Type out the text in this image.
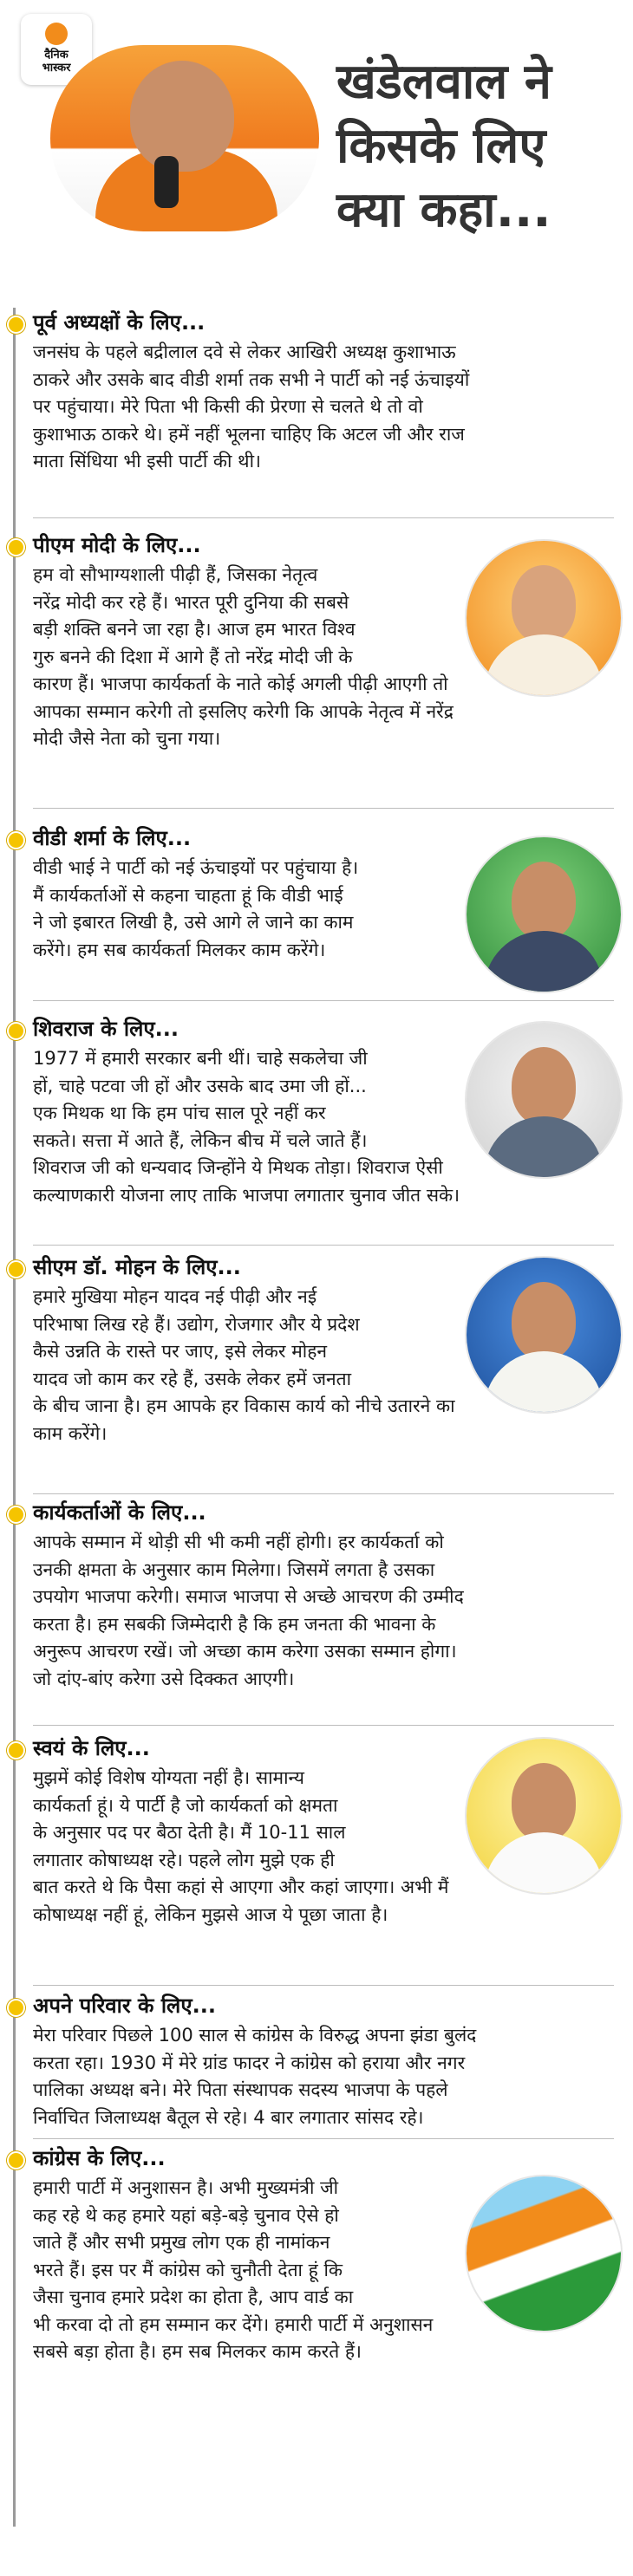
दैनिक
भास्कर	खंडेलवाल ने
किसके लिए
क्या कहा...
पूर्व अध्यक्षों के लिए...
जनसंघ के पहले बद्रीलाल दवे से लेकर आखिरी अध्यक्ष कुशाभाऊ
ठाकरे और उसके बाद वीडी शर्मा तक सभी ने पार्टी को नई ऊंचाइयों
पर पहुंचाया। मेरे पिता भी किसी की प्रेरणा से चलते थे तो वो
कुशाभाऊ ठाकरे थे। हमें नहीं भूलना चाहिए कि अटल जी और राज
माता सिंधिया भी इसी पार्टी की थी।
पीएम मोदी के लिए...
हम वो सौभाग्यशाली पीढ़ी हैं, जिसका नेतृत्व
नरेंद्र मोदी कर रहे हैं। भारत पूरी दुनिया की सबसे
बड़ी शक्ति बनने जा रहा है। आज हम भारत विश्व
गुरु बनने की दिशा में आगे हैं तो नरेंद्र मोदी जी के
कारण हैं। भाजपा कार्यकर्ता के नाते कोई अगली पीढ़ी आएगी तो
आपका सम्मान करेगी तो इसलिए करेगी कि आपके नेतृत्व में नरेंद्र
मोदी जैसे नेता को चुना गया।
वीडी शर्मा के लिए...
वीडी भाई ने पार्टी को नई ऊंचाइयों पर पहुंचाया है।
मैं कार्यकर्ताओं से कहना चाहता हूं कि वीडी भाई
ने जो इबारत लिखी है, उसे आगे ले जाने का काम
करेंगे। हम सब कार्यकर्ता मिलकर काम करेंगे।
शिवराज के लिए...
1977 में हमारी सरकार बनी थीं। चाहे सकलेचा जी
हों, चाहे पटवा जी हों और उसके बाद उमा जी हों...
एक मिथक था कि हम पांच साल पूरे नहीं कर
सकते। सत्ता में आते हैं, लेकिन बीच में चले जाते हैं।
शिवराज जी को धन्यवाद जिन्होंने ये मिथक तोड़ा। शिवराज ऐसी
कल्याणकारी योजना लाए ताकि भाजपा लगातार चुनाव जीत सके।
सीएम डॉ. मोहन के लिए...
हमारे मुखिया मोहन यादव नई पीढ़ी और नई
परिभाषा लिख रहे हैं। उद्योग, रोजगार और ये प्रदेश
कैसे उन्नति के रास्ते पर जाए, इसे लेकर मोहन
यादव जो काम कर रहे हैं, उसके लेकर हमें जनता
के बीच जाना है। हम आपके हर विकास कार्य को नीचे उतारने का
काम करेंगे।
कार्यकर्ताओं के लिए...
आपके सम्मान में थोड़ी सी भी कमी नहीं होगी। हर कार्यकर्ता को
उनकी क्षमता के अनुसार काम मिलेगा। जिसमें लगता है उसका
उपयोग भाजपा करेगी। समाज भाजपा से अच्छे आचरण की उम्मीद
करता है। हम सबकी जिम्मेदारी है कि हम जनता की भावना के
अनुरूप आचरण रखें। जो अच्छा काम करेगा उसका सम्मान होगा।
जो दांए-बांए करेगा उसे दिक्कत आएगी।
स्वयं के लिए...
मुझमें कोई विशेष योग्यता नहीं है। सामान्य
कार्यकर्ता हूं। ये पार्टी है जो कार्यकर्ता को क्षमता
के अनुसार पद पर बैठा देती है। मैं 10-11 साल
लगातार कोषाध्यक्ष रहे। पहले लोग मुझे एक ही
बात करते थे कि पैसा कहां से आएगा और कहां जाएगा। अभी मैं
कोषाध्यक्ष नहीं हूं, लेकिन मुझसे आज ये पूछा जाता है।
अपने परिवार के लिए...
मेरा परिवार पिछले 100 साल से कांग्रेस के विरुद्ध अपना झंडा बुलंद
करता रहा। 1930 में मेरे ग्रांड फादर ने कांग्रेस को हराया और नगर
पालिका अध्यक्ष बने। मेरे पिता संस्थापक सदस्य भाजपा के पहले
निर्वाचित जिलाध्यक्ष बैतूल से रहे। 4 बार लगातार सांसद रहे।
कांग्रेस के लिए...
हमारी पार्टी में अनुशासन है। अभी मुख्यमंत्री जी
कह रहे थे कह हमारे यहां बड़े-बड़े चुनाव ऐसे हो
जाते हैं और सभी प्रमुख लोग एक ही नामांकन
भरते हैं। इस पर मैं कांग्रेस को चुनौती देता हूं कि
जैसा चुनाव हमारे प्रदेश का होता है, आप वार्ड का
भी करवा दो तो हम सम्मान कर देंगे। हमारी पार्टी में अनुशासन
सबसे बड़ा होता है। हम सब मिलकर काम करते हैं।
